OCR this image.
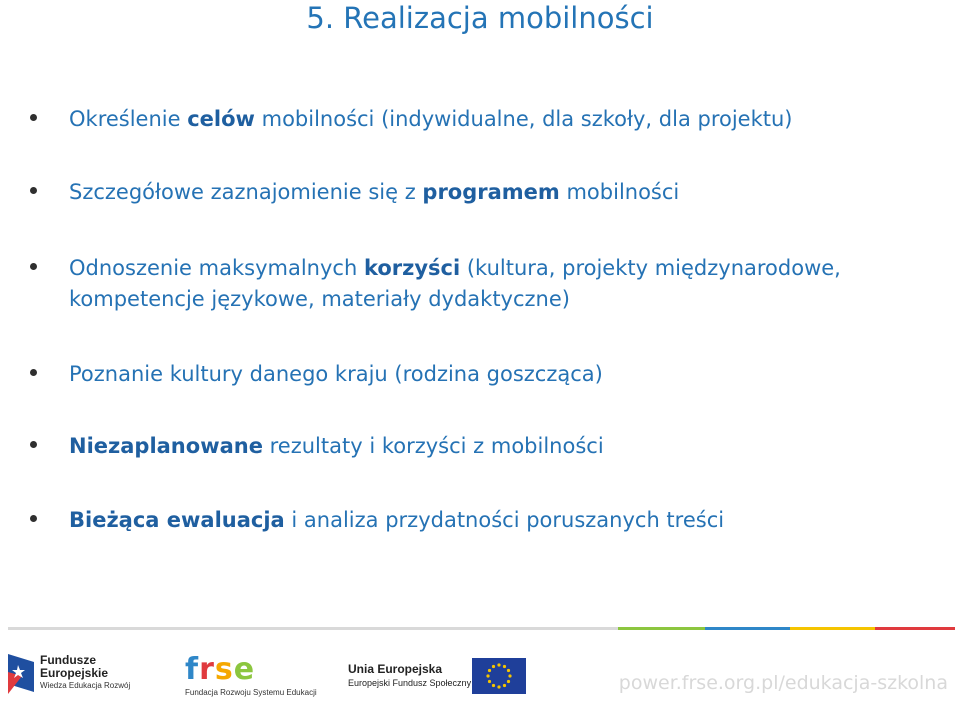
5. Realizacja mobilności
Określenie celów mobilności (indywidualne, dla szkoły, dla projektu)
Szczegółowe zaznajomienie się z programem mobilności
Odnoszenie maksymalnych korzyści (kultura, projekty międzynarodowe,
kompetencje językowe, materiały dydaktyczne)
Poznanie kultury danego kraju (rodzina goszcząca)
Niezaplanowane rezultaty i korzyści z mobilności
Bieżąca ewaluacja i analiza przydatności poruszanych treści
Fundusze
Europejskie
Wiedza Edukacja Rozwój frse
Fundacja Rozwoju Systemu Edukacji
Unia Europejska
Europejski Fundusz Społeczny	power.frse.org.pl/edukacja-szkolna
